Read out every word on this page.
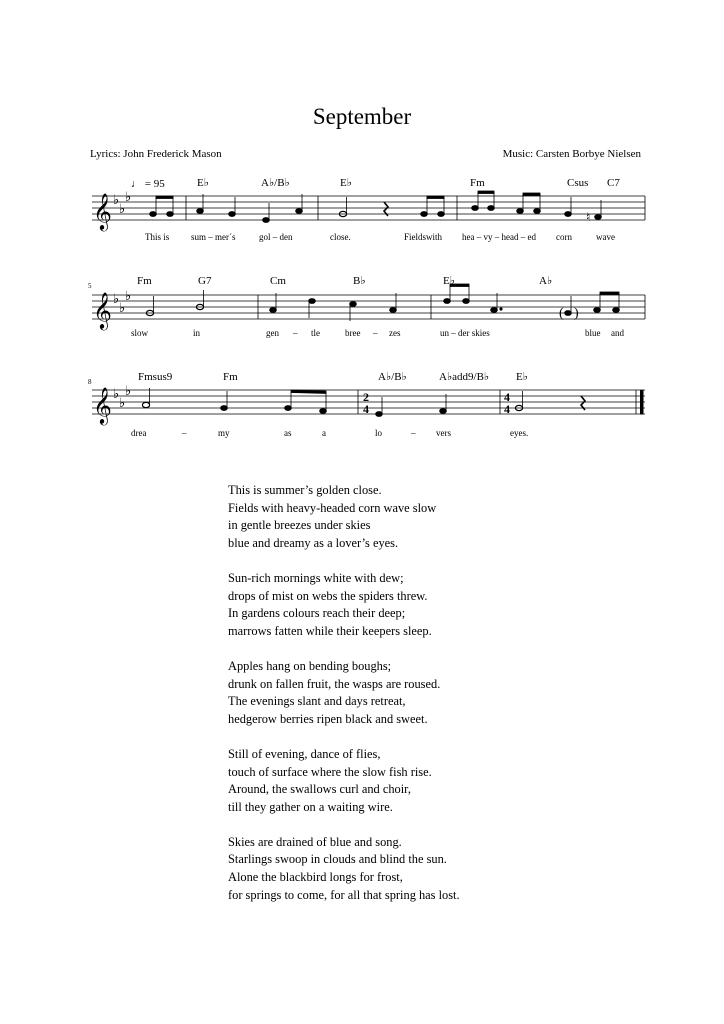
September
Lyrics: John Frederick Mason	Music: Carsten Borbye Nielsen
𝄞 ♭
♭
♭
♩ = 95
♮
E♭	A♭/B♭	E♭	Fm	Csus C7
This is sum – mer´s	gol – den	close.	Fieldswith hea – vy – head – ed corn	wave
5
𝄞 ♭
♭
♭
( )
Fm	G7	Cm	B♭	E♭	A♭
slow	in	gen – tle	bree – zes	un – der skies	blue and
8
𝄞 ♭
♭
♭	2
4
4
4
Fmsus9	Fm	A♭/B♭	A♭add9/B♭ E♭
drea	–	my	as	a	lo	– vers	eyes.
This is summer’s golden close.
Fields with heavy-headed corn wave slow
in gentle breezes under skies
blue and dreamy as a lover’s eyes.
Sun-rich mornings white with dew;
drops of mist on webs the spiders threw.
In gardens colours reach their deep;
marrows fatten while their keepers sleep.
Apples hang on bending boughs;
drunk on fallen fruit, the wasps are roused.
The evenings slant and days retreat,
hedgerow berries ripen black and sweet.
Still of evening, dance of flies,
touch of surface where the slow fish rise.
Around, the swallows curl and choir,
till they gather on a waiting wire.
Skies are drained of blue and song.
Starlings swoop in clouds and blind the sun.
Alone the blackbird longs for frost,
for springs to come, for all that spring has lost.
